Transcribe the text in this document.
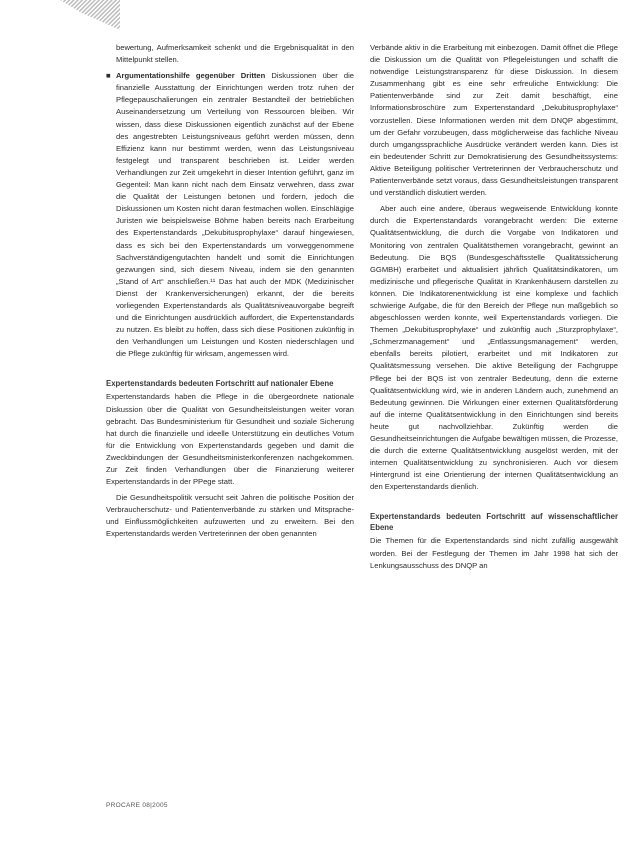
bewertung, Aufmerksamkeit schenkt und die Ergebnisqualität in den Mittelpunkt stellen.

■ Argumentationshilfe gegenüber Dritten Diskussionen über die finanzielle Ausstattung der Einrichtungen werden trotz ruhen der Pflegepauschalierungen ein zentraler Bestandteil der betrieblichen Auseinandersetzung um Verteilung von Ressourcen bleiben. Wir wissen, dass diese Diskussionen eigentlich zunächst auf der Ebene des angestrebten Leistungsniveaus geführt werden müssen, denn Effizienz kann nur bestimmt werden, wenn das Leistungsniveau festgelegt und transparent beschrieben ist. Leider werden Verhandlungen zur Zeit umgekehrt in dieser Intention geführt, ganz im Gegenteil: Man kann nicht nach dem Einsatz verwehren, dass zwar die Qualität der Leistungen betonen und fordern, jedoch die Diskussionen um Kosten nicht daran festmachen wollen. Einschlägige Juristen wie beispielsweise Böhme haben bereits nach Erarbeitung des Expertenstandards „Dekubitusprophylaxe“ darauf hingewiesen, dass es sich bei den Expertenstandards um vorweggenommene Sachverständigengutachten handelt und somit die Einrichtungen gezwungen sind, sich diesem Niveau, indem sie den genannten „Stand of Art“ anschließen.¹¹ Das hat auch der MDK (Medizinischer Dienst der Krankenversicherungen) erkannt, der die bereits vorliegenden Expertenstandards als Qualitätsniveauvorgabe begreift und die Einrichtungen ausdrücklich auffordert, die Expertenstandards zu nutzen. Es bleibt zu hoffen, dass sich diese Positionen zukünftig in den Verhandlungen um Leistungen und Kosten niederschlagen und die Pflege zukünftig für wirksam, angemessen wird.
Expertenstandards bedeuten Fortschritt auf nationaler Ebene

Expertenstandards haben die Pflege in die übergeordnete nationale Diskussion über die Qualität von Gesundheitsleistungen weiter voran gebracht. Das Bundesministerium für Gesundheit und soziale Sicherung hat durch die finanzielle und ideelle Unterstützung ein deutliches Votum für die Entwicklung von Expertenstandards gegeben und damit die Zweckbindungen der Gesundheitsministerkonferenzen nachgekommen. Zur Zeit finden Verhandlungen über die Finanzierung weiterer Expertenstandards in der PPege statt.

Die Gesundheitspolitik versucht seit Jahren die politische Position der Verbraucherschutz- und Patientenverbände zu stärken und Mitsprache- und Einflussmöglichkeiten aufzuwerten und zu erweitern. Bei den Expertenstandards werden Vertreterinnen der oben genannten

Verbände aktiv in die Erarbeitung mit einbezogen. Damit öffnet die Pflege die Diskussion um die Qualität von Pflegeleistungen und schafft die notwendige Leistungstransparenz für diese Diskussion. In diesem Zusammenhang gibt es eine sehr erfreuliche Entwicklung: Die Patientenverbände sind zur Zeit damit beschäftigt, eine Informationsbroschüre zum Expertenstandard „Dekubitusprophylaxe“ vorzustellen. Diese Informationen werden mit dem DNQP abgestimmt, um der Gefahr vorzubeugen, dass möglicherweise das fachliche Niveau durch umgangssprachliche Ausdrücke verändert werden kann. Dies ist ein bedeutender Schritt zur Demokratisierung des Gesundheitssystems: Aktive Beteiligung politischer Vertreterinnen der Verbraucherschutz und Patientenverbände setzt voraus, dass Gesundheitsleistungen transparent und verständlich diskutiert werden.

Aber auch eine andere, überaus wegweisende Entwicklung konnte durch die Expertenstandards vorangebracht werden: Die externe Qualitätsentwicklung, die durch die Vorgabe von Indikatoren und Monitoring von zentralen Qualitätsthemen vorangebracht, gewinnt an Bedeutung. Die BQS (Bundesgeschäftsstelle Qualitätssicherung GGMBH) erarbeitet und aktualisiert jährlich Qualitätsindikatoren, um medizinische und pflegerische Qualität in Krankenhäusern darstellen zu können. Die Indikatorenentwicklung ist eine komplexe und fachlich schwierige Aufgabe, die für den Bereich der Pflege nun maßgeblich so abgeschlossen werden konnte, weil Expertenstandards vorliegen. Die Themen „Dekubitusprophylaxe“ und zukünftig auch „Sturzprophylaxe“, „Schmerzmanagement“ und „Entlassungsmanagement“ werden, ebenfalls bereits pilotiert, erarbeitet und mit Indikatoren zur Qualitätsmessung versehen. Die aktive Beteiligung der Fachgruppe Pflege bei der BQS ist von zentraler Bedeutung, denn die externe Qualitätsentwicklung wird, wie in anderen Ländern auch, zunehmend an Bedeutung gewinnen. Die Wirkungen einer externen Qualitätsförderung auf die interne Qualitätsentwicklung in den Einrichtungen sind bereits heute gut nachvollziehbar. Zukünftig werden die Gesundheitseinrichtungen die Aufgabe bewältigen müssen, die Prozesse, die durch die externe Qualitätsentwicklung ausgelöst werden, mit der internen Qualitätsentwicklung zu synchronisieren. Auch vor diesem Hintergrund ist eine Orientierung der internen Qualitätsentwicklung an den Expertenstandards dienlich.

Expertenstandards bedeuten Fortschritt auf wissenschaftlicher Ebene

Die Themen für die Expertenstandards sind nicht zufällig ausgewählt worden. Bei der Festlegung der Themen im Jahr 1998 hat sich der Lenkungsausschuss des DNQP an

PROCARE 08|2005
